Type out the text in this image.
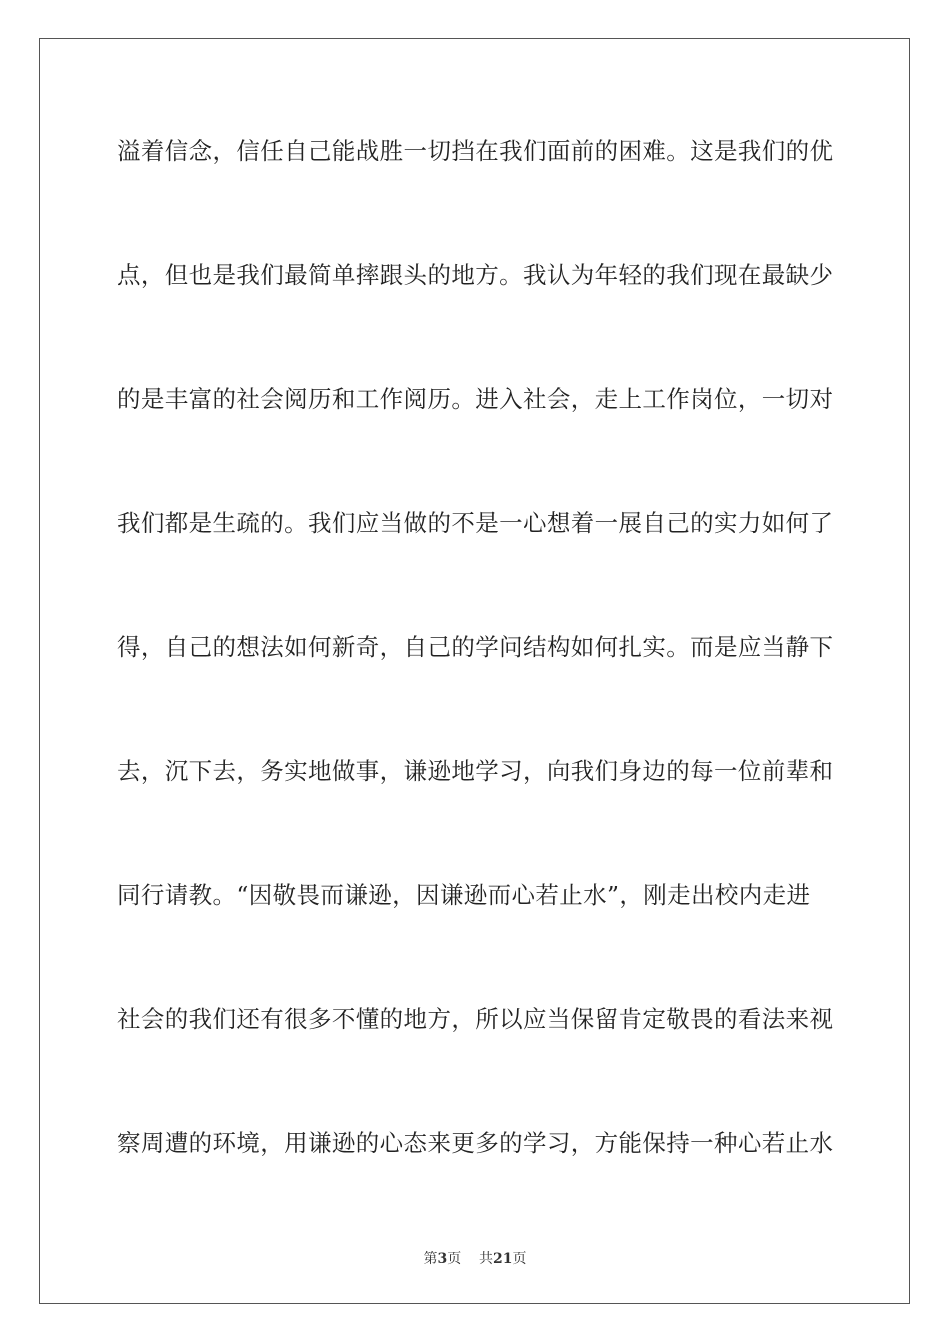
溢着信念，信任自己能战胜一切挡在我们面前的困难。这是我们的优
点，但也是我们最简单摔跟头的地方。我认为年轻的我们现在最缺少
的是丰富的社会阅历和工作阅历。进入社会，走上工作岗位，一切对
我们都是生疏的。我们应当做的不是一心想着一展自己的实力如何了
得，自己的想法如何新奇，自己的学问结构如何扎实。而是应当静下
去，沉下去，务实地做事，谦逊地学习，向我们身边的每一位前辈和
同行请教。“因敬畏而谦逊，因谦逊而心若止水”，刚走出校内走进
社会的我们还有很多不懂的地方，所以应当保留肯定敬畏的看法来视
察周遭的环境，用谦逊的心态来更多的学习，方能保持一种心若止水
第3页    共21页
